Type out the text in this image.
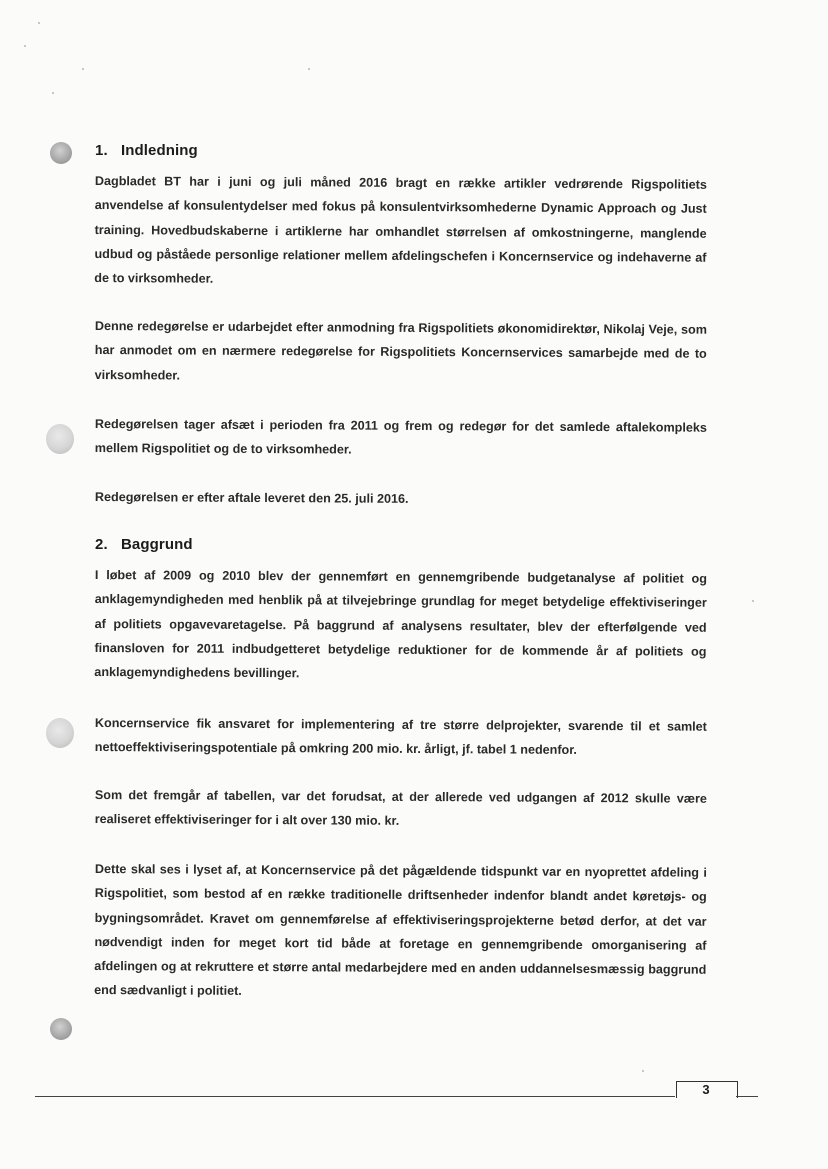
1. Indledning

Dagbladet BT har i juni og juli måned 2016 bragt en række artikler vedrørende Rigspolitiets anvendelse af konsulentydelser med fokus på konsulentvirksomhederne Dynamic Approach og Just training. Hovedbudskaberne i artiklerne har omhandlet størrelsen af omkostningerne, manglende udbud og påståede personlige relationer mellem afdelingschefen i Koncernservice og indehaverne af de to virksomheder.

Denne redegørelse er udarbejdet efter anmodning fra Rigspolitiets økonomidirektør, Nikolaj Veje, som har anmodet om en nærmere redegørelse for Rigspolitiets Koncernservices samarbejde med de to virksomheder.

Redegørelsen tager afsæt i perioden fra 2011 og frem og redegør for det samlede aftalekompleks mellem Rigspolitiet og de to virksomheder.

Redegørelsen er efter aftale leveret den 25. juli 2016.

2. Baggrund

I løbet af 2009 og 2010 blev der gennemført en gennemgribende budgetanalyse af politiet og anklagemyndigheden med henblik på at tilvejebringe grundlag for meget betydelige effektiviseringer af politiets opgavevaretagelse. På baggrund af analysens resultater, blev der efterfølgende ved finansloven for 2011 indbudgetteret betydelige reduktioner for de kommende år af politiets og anklagemyndighedens bevillinger.

Koncernservice fik ansvaret for implementering af tre større delprojekter, svarende til et samlet nettoeffektiviseringspotentiale på omkring 200 mio. kr. årligt, jf. tabel 1 nedenfor.

Som det fremgår af tabellen, var det forudsat, at der allerede ved udgangen af 2012 skulle være realiseret effektiviseringer for i alt over 130 mio. kr.

Dette skal ses i lyset af, at Koncernservice på det pågældende tidspunkt var en nyoprettet afdeling i Rigspolitiet, som bestod af en række traditionelle driftsenheder indenfor blandt andet køretøjs- og bygningsområdet. Kravet om gennemførelse af effektiviseringsprojekterne betød derfor, at det var nødvendigt inden for meget kort tid både at foretage en gennemgribende omorganisering af afdelingen og at rekruttere et større antal medarbejdere med en anden uddannelsesmæssig baggrund end sædvanligt i politiet.

3
